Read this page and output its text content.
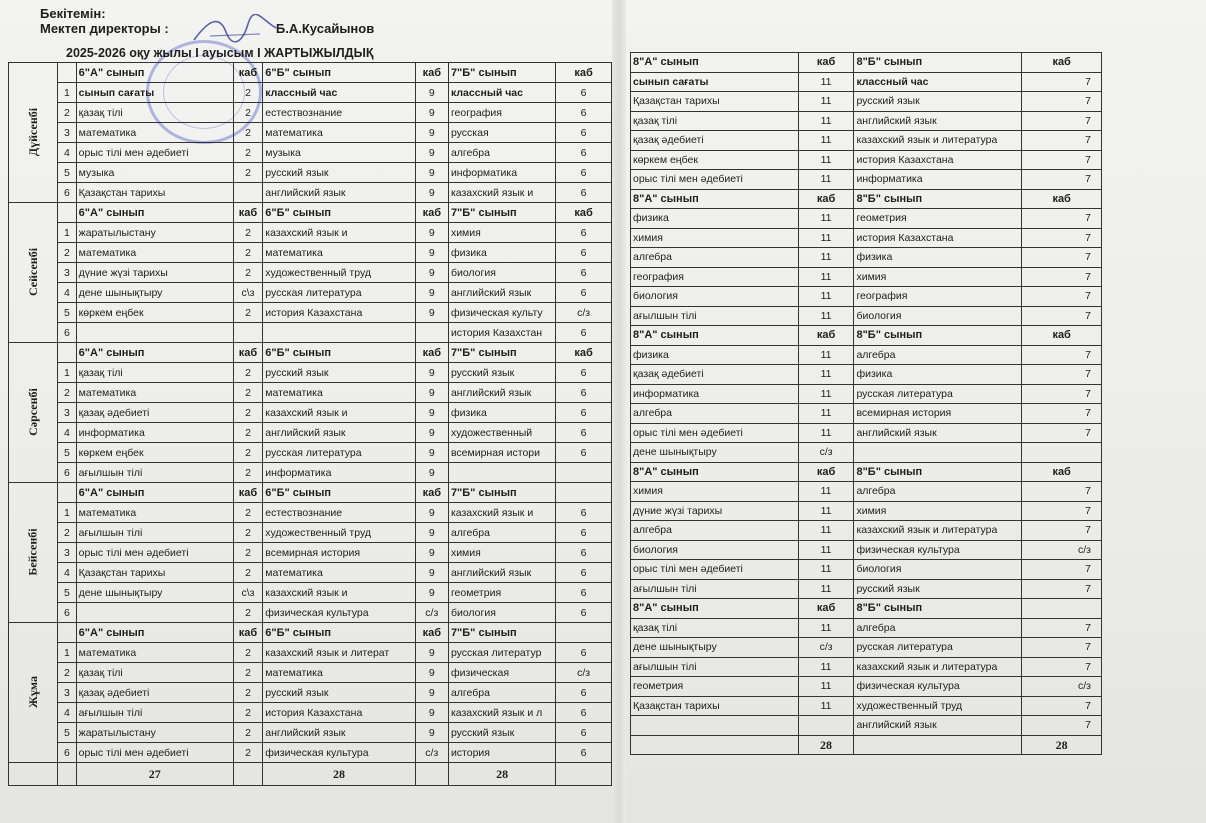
Бекітемін:
Мектеп директоры :	Б.А.Кусайынов
2025-2026 оқу жылы I ауысым I ЖАРТЫЖЫЛДЫҚ
Дүйсенбі		6"А" сынып	каб	6"Б" сынып	каб	7"Б" сынып	каб
	1	сынып сағаты	2	классный час	9	классный час	6
	2	қазақ тілі	2	естествознание	9	география	6
	3	математика	2	математика	9	русская	6
	4	орыс тілі мен әдебиеті	2	музыка	9	алгебра	6
	5	музыка	2	русский язык	9	информатика	6
	6	Қазақстан тарихы		английский язык	9	казахский язык и	6
Сейсенбі		6"А" сынып	каб	6"Б" сынып	каб	7"Б" сынып	каб
	1	жаратылыстану	2	казахский язык и	9	химия	6
	2	математика	2	математика	9	физика	6
	3	дүние жүзі тарихы	2	художественный труд	9	биология	6
	4	дене шынықтыру	с\з	русская литература	9	английский язык	6
	5	көркем еңбек	2	история Казахстана	9	физическая культу	с/з
	6					история Казахстан	6
Сәрсенбі		6"А" сынып	каб	6"Б" сынып	каб	7"Б" сынып	каб
	1	қазақ тілі	2	русский язык	9	русский язык	6
	2	математика	2	математика	9	английский язык	6
	3	қазақ әдебиеті	2	казахский язык и	9	физика	6
	4	информатика	2	английский язык	9	художественный	6
	5	көркем еңбек	2	русская литература	9	всемирная истори	6
	6	ағылшын тілі	2	информатика	9		
Бейсенбі		6"А" сынып	каб	6"Б" сынып	каб	7"Б" сынып	
	1	математика	2	естествознание	9	казахский язык и	6
	2	ағылшын тілі	2	художественный труд	9	алгебра	6
	3	орыс тілі мен әдебиеті	2	всемирная история	9	химия	6
	4	Қазақстан тарихы	2	математика	9	английский язык	6
	5	дене шынықтыру	с\з	казахский язык и	9	геометрия	6
	6		2	физическая культура	с/з	биология	6
Жұма		6"А" сынып	каб	6"Б" сынып	каб	7"Б" сынып	
	1	математика	2	казахский язык и литерат	9	русская литератур	6
	2	қазақ тілі	2	математика	9	физическая	с/з
	3	қазақ әдебиеті	2	русский язык	9	алгебра	6
	4	ағылшын тілі	2	история Казахстана	9	казахский язык и л	6
	5	жаратылыстану	2	английский язык	9	русский язык	6
	6	орыс тілі мен әдебиеті	2	физическая культура	с/з	история	6
		27		28		28	
8"А" сынып	каб	8"Б" сынып	каб
сынып сағаты	11	классный час	7
Қазақстан тарихы	11	русский язык	7
қазақ тілі	11	английский язык	7
қазақ әдебиеті	11	казахский язык и литература	7
көркем еңбек	11	история Казахстана	7
орыс тілі мен әдебиеті	11	информатика	7
8"А" сынып	каб	8"Б" сынып	каб
физика	11	геометрия	7
химия	11	история Казахстана	7
алгебра	11	физика	7
география	11	химия	7
биология	11	география	7
ағылшын тілі	11	биология	7
8"А" сынып	каб	8"Б" сынып	каб
физика	11	алгебра	7
қазақ әдебиеті	11	физика	7
информатика	11	русская литература	7
алгебра	11	всемирная история	7
орыс тілі мен әдебиеті	11	английский язык	7
дене шынықтыру	с/з		
8"А" сынып	каб	8"Б" сынып	каб
химия	11	алгебра	7
дүние жүзі тарихы	11	химия	7
алгебра	11	казахский язык и литература	7
биология	11	физическая культура	с/з
орыс тілі мен әдебиеті	11	биология	7
ағылшын тілі	11	русский язык	7
8"А" сынып	каб	8"Б" сынып	
қазақ тілі	11	алгебра	7
дене шынықтыру	с/з	русская литература	7
ағылшын тілі	11	казахский язык и литература	7
геометрия	11	физическая культура	с/з
Қазақстан тарихы	11	художественный труд	7
		английский язык	7
	28		28
